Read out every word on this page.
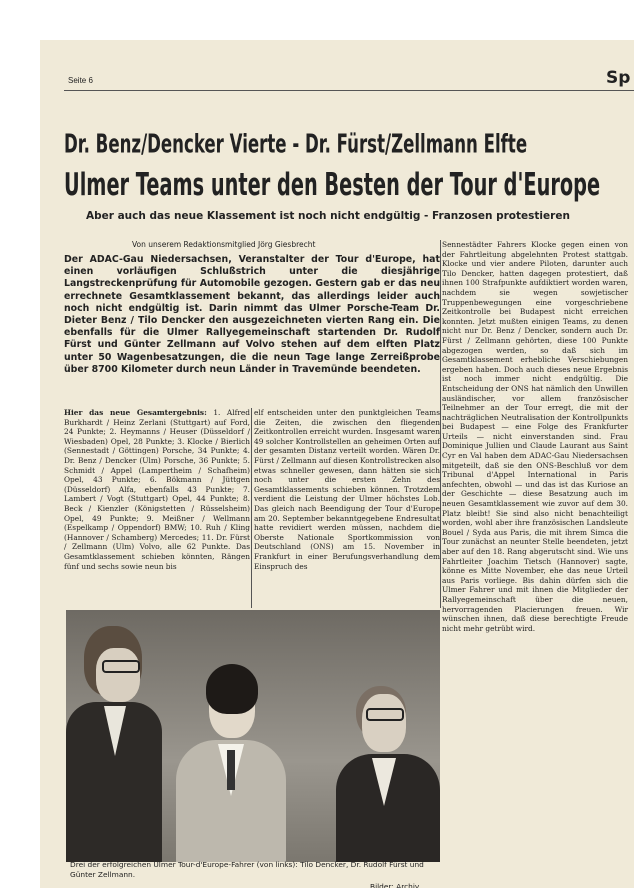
Seite 6	Sp
Dr. Benz/Dencker Vierte - Dr. Fürst/Zellmann Elfte
Ulmer Teams unter den Besten der Tour d'Europe
Aber auch das neue Klassement ist noch nicht endgültig - Franzosen protestieren
Von unserem Redaktionsmitglied Jörg Giesbrecht
Der ADAC-Gau Niedersachsen, Veranstalter der Tour d'Europe, hat einen vorläufigen Schlußstrich unter die diesjährige Langstreckenprüfung für Automobile gezogen. Gestern gab er das neu errechnete Gesamtklassement bekannt, das allerdings leider auch noch nicht endgültig ist. Darin nimmt das Ulmer Porsche-Team Dr. Dieter Benz / Tilo Dencker den ausgezeichneten vierten Rang ein. Die ebenfalls für die Ulmer Rallyegemeinschaft startenden Dr. Rudolf Fürst und Günter Zellmann auf Volvo stehen auf dem elften Platz unter 50 Wagenbesatzungen, die die neun Tage lange Zerreißprobe über 8700 Kilometer durch neun Länder in Travemünde beendeten.
Hier das neue Gesamtergebnis: 1. Alfred Burkhardt / Heinz Zerlani (Stuttgart) auf Ford, 24 Punkte; 2. Heymanns / Heuser (Düsseldorf / Wiesbaden) Opel, 28 Punkte; 3. Klocke / Bierlich (Sennestadt / Göttingen) Porsche, 34 Punkte; 4. Dr. Benz / Dencker (Ulm) Porsche, 36 Punkte; 5. Schmidt / Appel (Lampertheim / Schafheim) Opel, 43 Punkte; 6. Bökmann / Jüttgen (Düsseldorf) Alfa, ebenfalls 43 Punkte; 7. Lambert / Vogt (Stuttgart) Opel, 44 Punkte; 8. Beck / Kienzler (Königstetten / Rüsselsheim) Opel, 49 Punkte; 9. Meißner / Wellmann (Espelkamp / Oppendorf) BMW; 10. Ruh / Kling (Hannover / Schamberg) Mercedes; 11. Dr. Fürst / Zellmann (Ulm) Volvo, alle 62 Punkte. Das Gesamtklassement schieben könnten, Rängen fünf und sechs sowie neun bis
elf entscheiden unter den punktgleichen Teams die Zeiten, die zwischen den fliegenden Zeitkontrollen erreicht wurden. Insgesamt waren 49 solcher Kontrollstellen an geheimen Orten auf der gesamten Distanz verteilt worden. Wären Dr. Fürst / Zellmann auf diesen Kontrollstrecken also etwas schneller gewesen, dann hätten sie sich noch unter die ersten Zehn des Gesamtklassements schieben können. Trotzdem verdient die Leistung der Ulmer höchstes Lob. Das gleich nach Beendigung der Tour d'Europe am 20. September bekanntgegebene Endresultat hatte revidiert werden müssen, nachdem die Oberste Nationale Sportkommission von Deutschland (ONS) am 15. November in Frankfurt in einer Berufungsverhandlung dem Einspruch des
Sennestädter Fahrers Klocke gegen einen von der Fahrtleitung abgelehnten Protest stattgab. Klocke und vier andere Piloten, darunter auch Tilo Dencker, hatten dagegen protestiert, daß ihnen 100 Strafpunkte aufdiktiert worden waren, nachdem sie wegen sowjetischer Truppenbewegungen eine vorgeschriebene Zeitkontrolle bei Budapest nicht erreichen konnten. Jetzt mußten einigen Teams, zu denen nicht nur Dr. Benz / Dencker, sondern auch Dr. Fürst / Zellmann gehörten, diese 100 Punkte abgezogen werden, so daß sich im Gesamtklassement erhebliche Verschiebungen ergeben haben. Doch auch dieses neue Ergebnis ist noch immer nicht endgültig. Die Entscheidung der ONS hat nämlich den Unwillen ausländischer, vor allem französischer Teilnehmer an der Tour erregt, die mit der nachträglichen Neutralisation der Kontrollpunkts bei Budapest — eine Folge des Frankfurter Urteils — nicht einverstanden sind. Frau Dominique Jullien und Claude Laurant aus Saint Cyr en Val haben dem ADAC-Gau Niedersachsen mitgeteilt, daß sie den ONS-Beschluß vor dem Tribunal d'Appel International in Paris anfechten, obwohl — und das ist das Kuriose an der Geschichte — diese Besatzung auch im neuen Gesamtklassement wie zuvor auf dem 30. Platz bleibt! Sie sind also nicht benachteiligt worden, wohl aber ihre französischen Landsleute Bouel / Syda aus Paris, die mit ihrem Simca die Tour zunächst an neunter Stelle beendeten, jetzt aber auf den 18. Rang abgerutscht sind. Wie uns Fahrtleiter Joachim Tietsch (Hannover) sagte, könne es Mitte November, ehe das neue Urteil aus Paris vorliege. Bis dahin dürfen sich die Ulmer Fahrer und mit ihnen die Mitglieder der Rallyegemeinschaft über die neuen, hervorragenden Placierungen freuen. Wir wünschen ihnen, daß diese berechtigte Freude nicht mehr getrübt wird.
Drei der erfolgreichen Ulmer Tour-d'Europe-Fahrer (von links): Tilo Dencker, Dr. Rudolf Fürst und Günter Zellmann.
Bilder: Archiv
